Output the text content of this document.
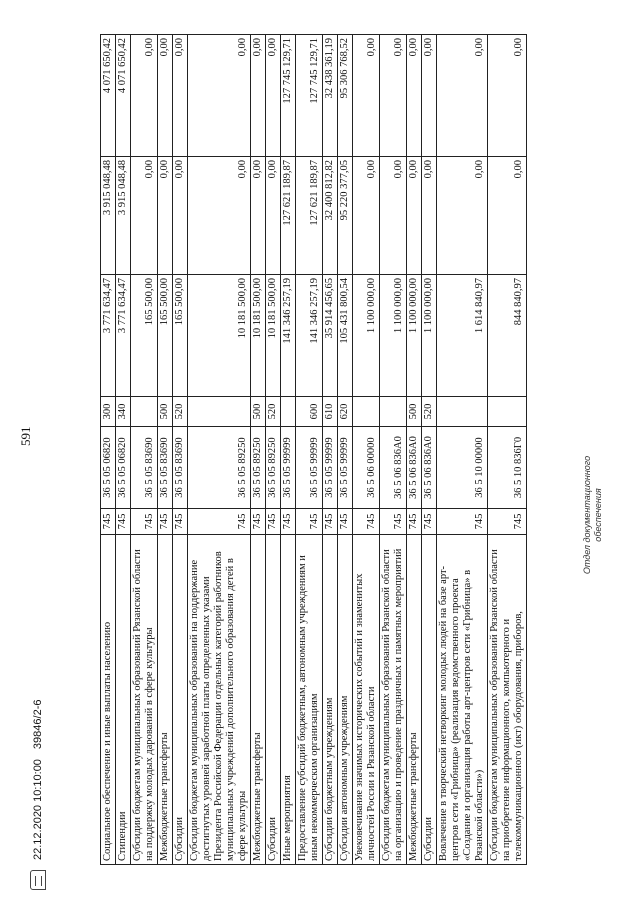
591
Социальное обеспечение и иные выплаты населению	745	36 5 05 06820	300	3 771 634,47	3 915 048,48	4 071 650,42
Стипендии	745	36 5 05 06820	340	3 771 634,47	3 915 048,48	4 071 650,42
Субсидии бюджетам муниципальных образований Рязанской области на поддержку молодых дарований в сфере культуры	745	36 5 05 83690		165 500,00	0,00	0,00
Межбюджетные трансферты	745	36 5 05 83690	500	165 500,00	0,00	0,00
Субсидии	745	36 5 05 83690	520	165 500,00	0,00	0,00
Субсидии бюджетам муниципальных образований на поддержание достигнутых уровней заработной платы определенных указами Президента Российской Федерации отдельных категорий работников муниципальных учреждений дополнительного образования детей в сфере культуры	745	36 5 05 89250		10 181 500,00	0,00	0,00
Межбюджетные трансферты	745	36 5 05 89250	500	10 181 500,00	0,00	0,00
Субсидии	745	36 5 05 89250	520	10 181 500,00	0,00	0,00
Иные мероприятия	745	36 5 05 99999		141 346 257,19	127 621 189,87	127 745 129,71
Предоставление субсидий бюджетным, автономным учреждениям и иным некоммерческим организациям	745	36 5 05 99999	600	141 346 257,19	127 621 189,87	127 745 129,71
Субсидии бюджетным учреждениям	745	36 5 05 99999	610	35 914 456,65	32 400 812,82	32 438 361,19
Субсидии автономным учреждениям	745	36 5 05 99999	620	105 431 800,54	95 220 377,05	95 306 768,52
Увековечивание значимых исторических событий и знаменитых личностей России и Рязанской области	745	36 5 06 00000		1 100 000,00	0,00	0,00
Субсидии бюджетам муниципальных образований Рязанской области на организацию и проведение праздничных и памятных мероприятий	745	36 5 06 836А0		1 100 000,00	0,00	0,00
Межбюджетные трансферты	745	36 5 06 836А0	500	1 100 000,00	0,00	0,00
Субсидии	745	36 5 06 836А0	520	1 100 000,00	0,00	0,00
Вовлечение в творческий нетворкинг молодых людей на базе арт-центров сети «Грибница» (реализация ведомственного проекта «Создание и организация работы арт-центров сети «Грибница» в Рязанской области»)	745	36 5 10 00000		1 614 840,97	0,00	0,00
Субсидии бюджетам муниципальных образований Рязанской области на приобретение информационного, компьютерного и телекоммуникационного (икт) оборудования, приборов,	745	36 5 10 836Г0		844 840,97	0,00	0,00
Отдел документационного обеспечения
22.12.2020 10:10:00
39846/2-6
